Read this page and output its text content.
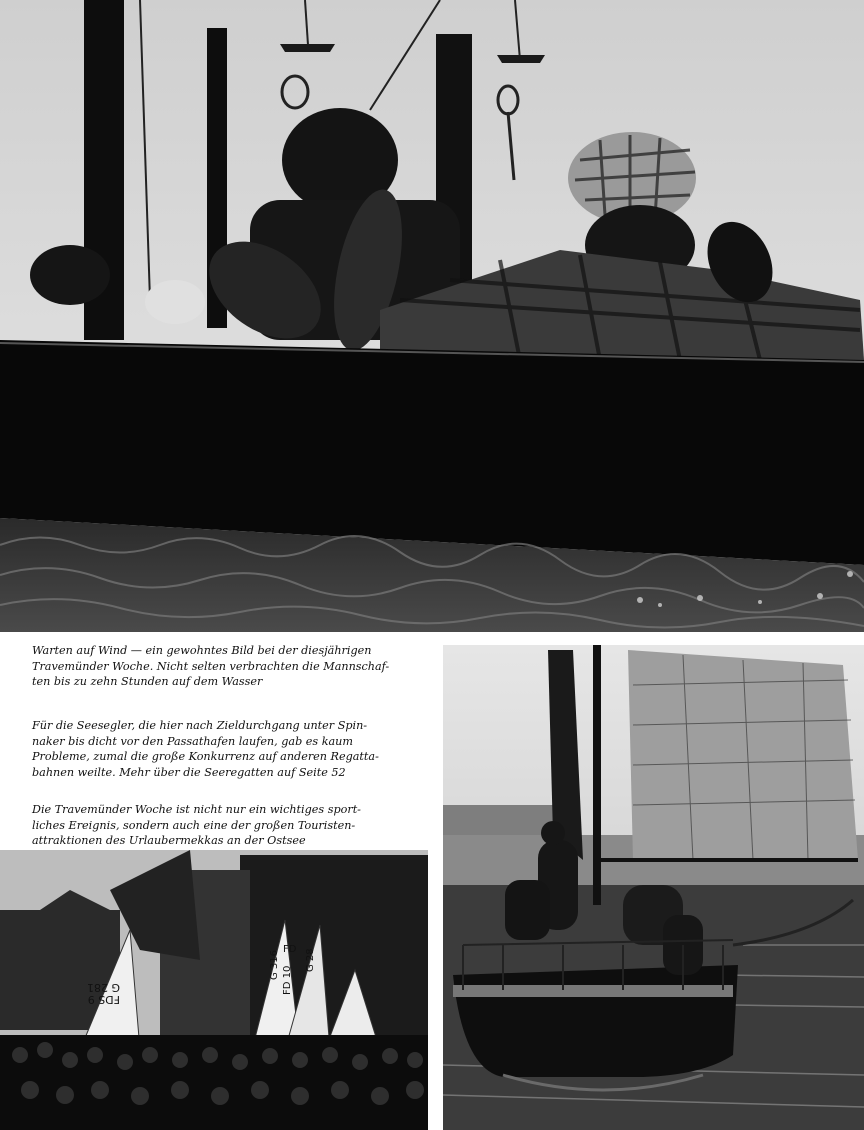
Warten auf Wind — ein gewohntes Bild bei der diesjährigen
Travemünder Woche. Nicht selten verbrachten die Mannschaf-
ten bis zu zehn Stunden auf dem Wasser
Für die Seesegler, die hier nach Zieldurchgang unter Spin-
naker bis dicht vor den Passathafen laufen, gab es kaum
Probleme, zumal die große Konkurrenz auf anderen Regatta-
bahnen weilte. Mehr über die Seeregatten auf Seite 52
Die Travemünder Woche ist nicht nur ein wichtiges sport-
liches Ereignis, sondern auch eine der großen Touristen-
attraktionen des Urlaubermekkas an der Ostsee
G 281
FDS 9
G 316
FD 10
FD G 28
